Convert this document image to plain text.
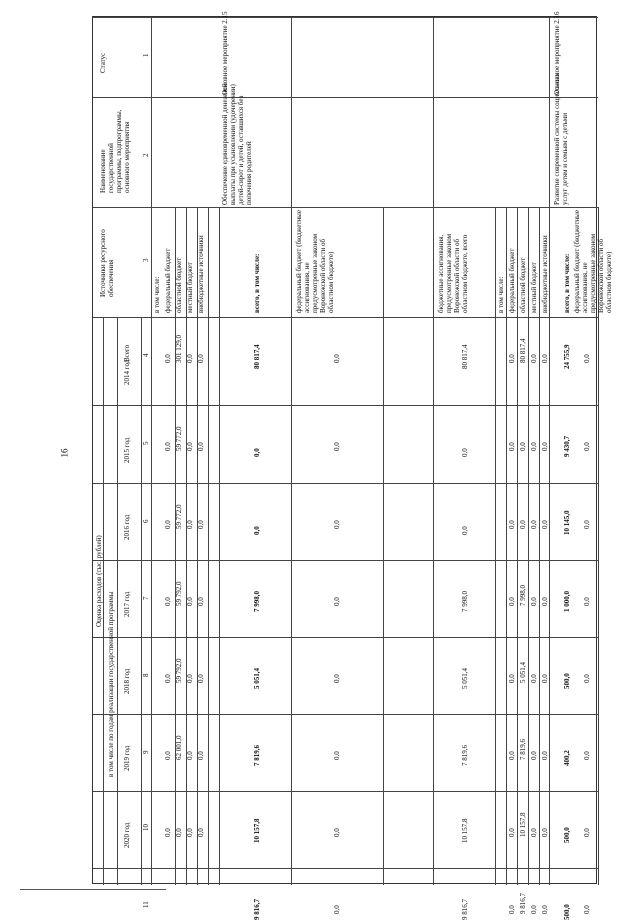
16
Статус
Наименование государственной программы, подпрограммы, основного мероприятия
Источники ресурсного обеспечения
Оценка расходов (тыс. рублей)
Всего
в том числе по годам реализации государственной программы
2014 год
2015 год
2016 год
2017 год
2018 год
2019 год
2020 год
1
2
3
4
5
6
7
8
9
10
11
в том числе: федеральный бюджет
0,0
0,0
0,0
0,0
0,0
0,0
0,0
областной бюджет
301 129,0
59 772,0
59 772,0
59 792,0
59 792,0
62 001,0
0,0
местный бюджет
0,0
0,0
0,0
0,0
0,0
0,0
0,0
внебюджетные источники
0,0
0,0
0,0
0,0
0,0
0,0
0,0
Основное мероприятие 2.15
Обеспечение единовременной денежной выплаты при усыновлении (удочерении) детей-сирот и детей, оставшихся без попечения родителей
всего, в том числе:
80 817,4
0,0
0,0
7 998,0
5 051,4
7 819,6
10 157,8
9 816,7
федеральный бюджет (бюджетные ассигнования, не предусмотренные законом Воронежской области об областном бюджете)
0,0
0,0
0,0
0,0
0,0
0,0
0,0
0,0
бюджетные ассигнования, предусмотренные законом Воронежской области об областном бюджете, всего
80 817,4
0,0
0,0
7 998,0
5 051,4
7 819,6
10 157,8
9 816,7
в том числе: федеральный бюджет
0,0
0,0
0,0
0,0
0,0
0,0
0,0
0,0
областной бюджет
80 817,4
0,0
0,0
7 998,0
5 051,4
7 819,6
10 157,8
9 816,7
местный бюджет
0,0
0,0
0,0
0,0
0,0
0,0
0,0
0,0
внебюджетные источники
0,0
0,0
0,0
0,0
0,0
0,0
0,0
0,0
Основное мероприятие 2.16
Развитие современной системы социальных услуг детям и семьям с детьми
всего, в том числе:
24 755,9
9 430,7
10 145,0
1 000,0
500,0
400,2
500,0
500,0
федеральный бюджет (бюджетные ассигнования, не предусмотренные законом Воронежской области об областном бюджете)
0,0
0,0
0,0
0,0
0,0
0,0
0,0
0,0
